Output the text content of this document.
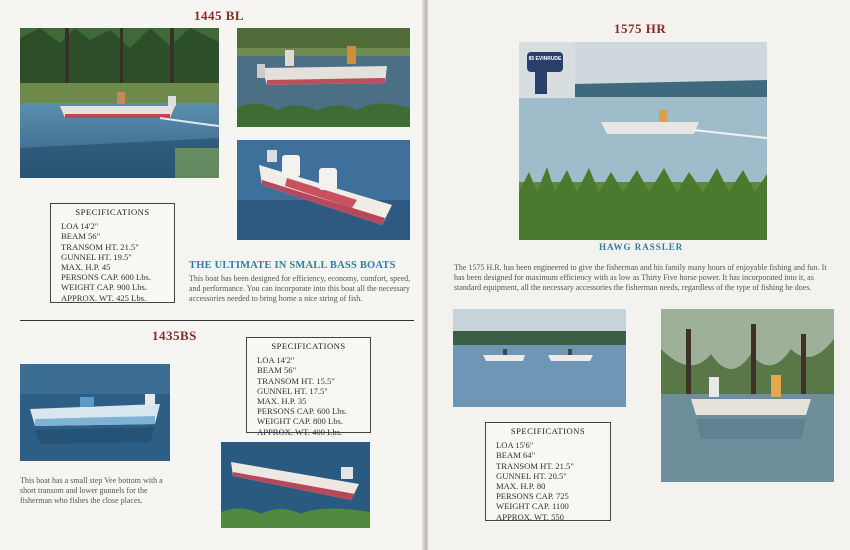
1445 BL
SPECIFICATIONS
LOA 14'2"
BEAM 56"
TRANSOM HT. 21.5"
GUNNEL HT. 19.5"
MAX. H.P. 45
PERSONS CAP. 600 Lbs.
WEIGHT CAP. 900 Lbs.
APPROX. WT. 425 Lbs.
THE ULTIMATE IN SMALL BASS BOATS
This boat has been designed for efficiency, economy, comfort, speed, and performance. You can incorporate into this boat all the necessary accessories needed to bring home a nice string of fish.
1435BS
SPECIFICATIONS
LOA 14'2"
BEAM 56"
TRANSOM HT. 15.5"
GUNNEL HT. 17.5"
MAX. H.P. 35
PERSONS CAP. 600 Lbs.
WEIGHT CAP. 800 Lbs.
APPROX. WT. 400 Lbs.
This boat has a small step Vee bottom with a short transom and lower gunnels for the fisherman who fishes the close places.
1575 HR
85 EVINRUDE
HAWG RASSLER
The 1575 H.R. has been engineered to give the fisherman and his family many hours of enjoyable fishing and fun. It has been designed for maximum efficiency with as low as Thirty Five horse power. It has incorporated into it, as standard equipment, all the necessary accessories the fisherman needs, regardless of the type of fishing he does.
SPECIFICATIONS
LOA 15'6"
BEAM 64"
TRANSOM HT. 21.5"
GUNNEL HT. 20.5"
MAX. H.P. 80
PERSONS CAP. 725
WEIGHT CAP. 1100
APPROX. WT. 550
